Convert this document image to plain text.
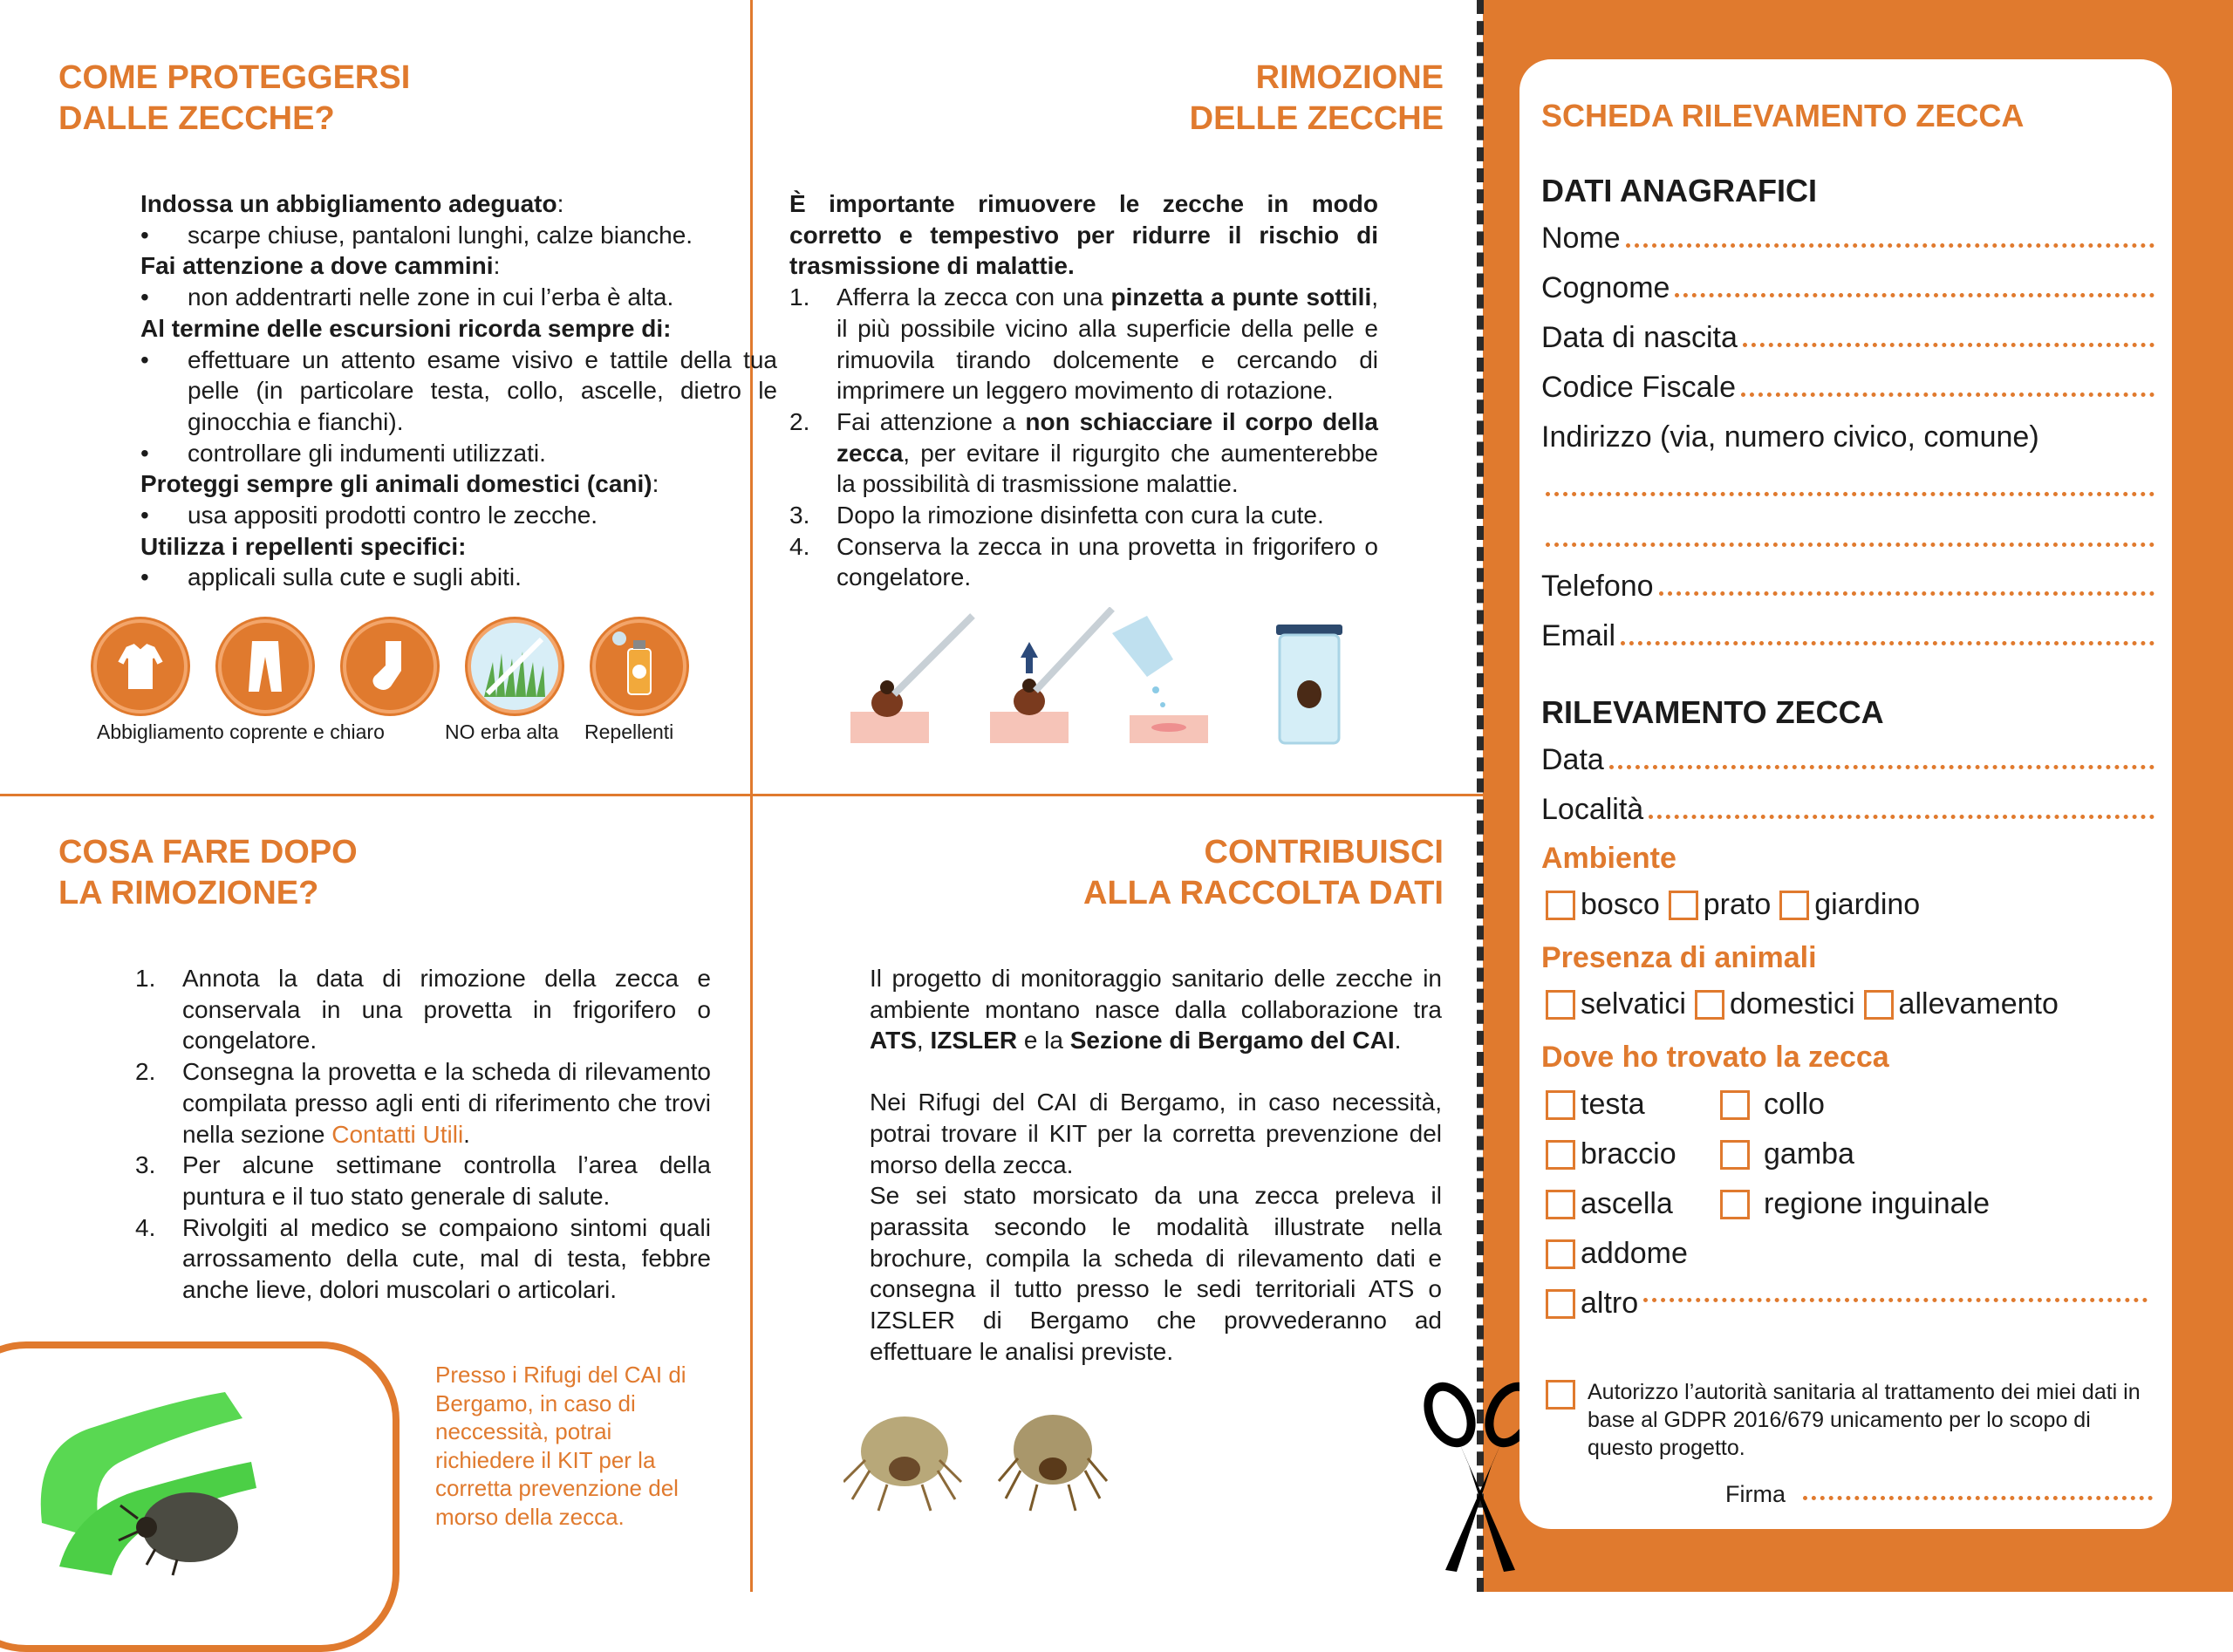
COME PROTEGGERSI
DALLE ZECCHE?
Indossa un abbigliamento adeguato:
•	scarpe chiuse, pantaloni lunghi, calze bianche.
Fai attenzione a dove cammini:
•	non addentrarti nelle zone in cui l’erba è alta.
Al termine delle escursioni ricorda sempre di:
•	effettuare un attento esame visivo e tattile della tua pelle (in particolare testa, collo, ascelle, dietro le ginocchia e fianchi).
•	controllare gli indumenti utilizzati.
Proteggi sempre gli animali domestici (cani):
•	usa appositi prodotti contro le zecche.
Utilizza i repellenti specifici:
•	applicali sulla cute e sugli abiti.
Abbigliamento coprente e chiaro	NO erba alta Repellenti
RIMOZIONE
DELLE ZECCHE
È importante rimuovere le zecche in modo corretto e tempestivo per ridurre il rischio di trasmissione di malattie.
1.	Afferra la zecca con una pinzetta a punte sottili, il più possibile vicino alla superficie della pelle e rimuovila tirando dolcemente e cercando di imprimere un leggero movimento di rotazione.
2.	Fai attenzione a non schiacciare il corpo della zecca, per evitare il rigurgito che aumenterebbe la possibilità di trasmissione malattie.
3.	Dopo la rimozione disinfetta con cura la cute.
4.	Conserva la zecca in una provetta in frigorifero o congelatore.
COSA FARE DOPO
LA RIMOZIONE?
1.	Annota la data di rimozione della zecca e conservala in una provetta in frigorifero o congelatore.
2.	Consegna la provetta e la scheda di rilevamento compilata presso agli enti di riferimento che trovi nella sezione Contatti Utili.
3.	Per alcune settimane controlla l’area della puntura e il tuo stato generale di salute.
4.	Rivolgiti al medico se compaiono sintomi quali arrossamento della cute, mal di testa, febbre anche lieve, dolori muscolari o articolari.
Presso i Rifugi del CAI di Bergamo, in caso di neccessità, potrai richiedere il KIT per la corretta prevenzione del morso della zecca.
CONTRIBUISCI
ALLA RACCOLTA DATI
Il progetto di monitoraggio sanitario delle zecche in ambiente montano nasce dalla collaborazione tra ATS, IZSLER e la Sezione di Bergamo del CAI.
Nei Rifugi del CAI di Bergamo, in caso necessità, potrai trovare il KIT per la corretta prevenzione del morso della zecca.
Se sei stato morsicato da una zecca preleva il parassita secondo le modalità illustrate nella brochure, compila la scheda di rilevamento dati e consegna il tutto presso le sedi territoriali ATS o IZSLER di Bergamo che provvederanno ad effettuare le analisi previste.
SCHEDA RILEVAMENTO ZECCA
DATI ANAGRAFICI
Nome
Cognome
Data di nascita
Codice Fiscale
Indirizzo (via, numero civico, comune)
Telefono
Email
RILEVAMENTO ZECCA
Data
Località
Ambiente
bosco prato giardino
Presenza di animali
selvatici domestici allevamento
Dove ho trovato la zecca
testa	collo
braccio	gamba
ascella	regione inguinale
addome
altro
Autorizzo l’autorità sanitaria al trattamento dei miei dati in base al GDPR 2016/679 unicamento per lo scopo di questo progetto.
Firma
